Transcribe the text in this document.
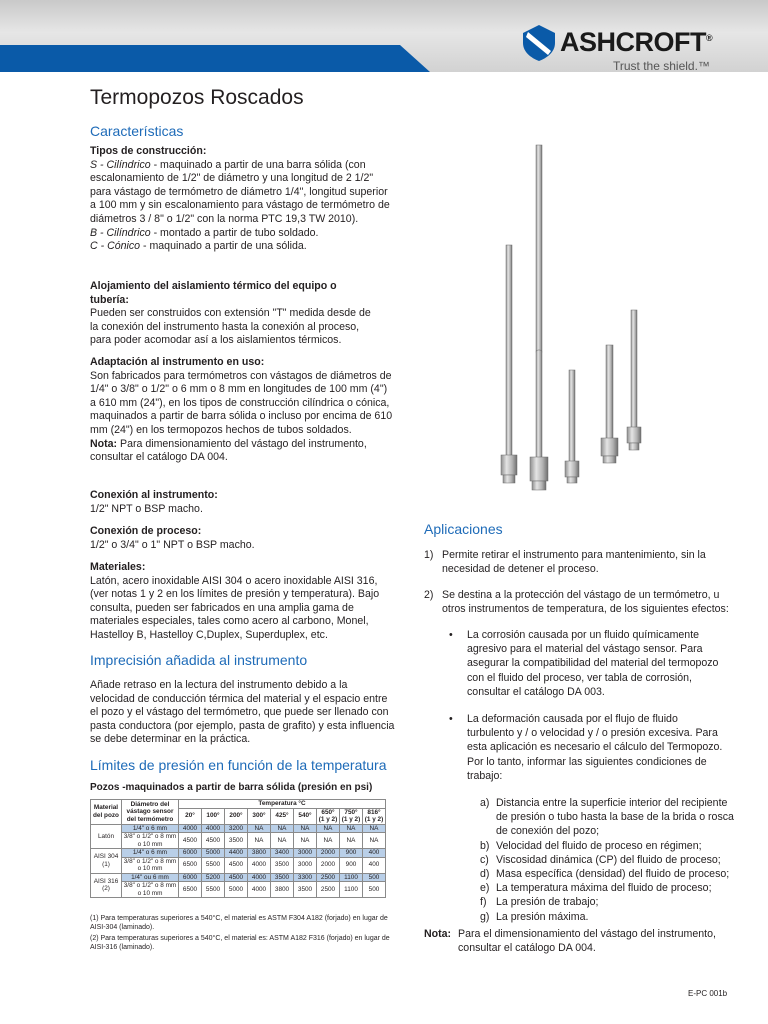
ASHCROFT®
Trust the shield.™
Termopozos Roscados
Características
Tipos de construcción:
S - Cilíndrico - maquinado a partir de una barra sólida (con escalonamiento de 1/2" de diámetro y una longitud de 2 1/2" para vástago de termómetro de diámetro 1/4", longitud superior a 100 mm y sin escalonamiento para vástago de termómetro de diámetros 3 / 8" o 1/2" con la norma PTC 19,3 TW 2010).
B - Cilíndrico - montado a partir de tubo soldado.
C - Cónico - maquinado a partir de una sólida.
Alojamiento del aislamiento térmico del equipo o tubería:
Pueden ser construidos con extensión "T" medida desde de la conexión del instrumento hasta la conexión al proceso, para poder acomodar así a los aislamientos térmicos.
Adaptación al instrumento en uso:
Son fabricados para termómetros con vástagos de diámetros de 1/4" o 3/8" o 1/2" o 6 mm o 8 mm en longitudes de 100 mm (4") a 610 mm (24"), en los tipos de construcción cilíndrica o cónica, maquinados a partir de barra sólida o incluso por encima de 610 mm (24") en los termopozos hechos de tubos soldados.
Nota: Para dimensionamiento del vástago del instrumento, consultar el catálogo DA 004.
Conexión al instrumento:
1/2" NPT o BSP macho.
Conexión de proceso:
1/2" o 3/4" o 1" NPT o BSP macho.
Materiales:
Latón, acero inoxidable AISI 304 o acero inoxidable AISI 316, (ver notas 1 y 2 en los límites de presión y temperatura). Bajo consulta, pueden ser fabricados en una amplia gama de materiales especiales, tales como acero al carbono, Monel, Hastelloy B, Hastelloy C,Duplex, Superduplex, etc.
Imprecisión añadida al instrumento
Añade retraso en la lectura del instrumento debido a la velocidad de conducción térmica del material y el espacio entre el pozo y el vástago del termómetro, que puede ser llenado con pasta conductora (por ejemplo, pasta de grafito) y esta influencia se debe determinar en la práctica.
Límites de presión en función de la temperatura
Pozos -maquinados a partir de barra sólida (presión en psi)
Material del pozo	Diámetro del vástago sensor del termómetro	Temperatura °C								
		20°	100°	200°	300°	425°	540°	650° (1 y 2)	750° (1 y 2)	816° (1 y 2)
Latón	1/4" o 6 mm	4000	4000	3200	NA	NA	NA	NA	NA	NA
	3/8" o 1/2" o 8 mm o 10 mm	4500	4500	3500	NA	NA	NA	NA	NA	NA
AISI 304 (1)	1/4" o 6 mm	6000	5000	4400	3800	3400	3000	2000	900	400
	3/8" o 1/2" o 8 mm o 10 mm	6500	5500	4500	4000	3500	3000	2000	900	400
AISI 316 (2)	1/4" ou 6 mm	6000	5200	4500	4000	3500	3300	2500	1100	500
	3/8" o 1/2" o 8 mm o 10 mm	6500	5500	5000	4000	3800	3500	2500	1100	500
(1) Para temperaturas superiores a 540°C, el material es ASTM F304 A182 (forjado) en lugar de AISI-304 (laminado).
(2) Para temperaturas superiores a 540°C, el material es: ASTM A182 F316 (forjado) en lugar de AISI-316 (laminado).
Aplicaciones
1) Permite retirar el instrumento para mantenimiento, sin la necesidad de detener el proceso.
2) Se destina a la protección del vástago de un termómetro, u otros instrumentos de temperatura, de los siguientes efectos:
• La corrosión causada por un fluido químicamente agresivo para el material del vástago sensor. Para asegurar la compatibilidad del material del termopozo con el fluido del proceso, ver tabla de corrosión, consultar el catálogo DA 003.
• La deformación causada por el flujo de fluido turbulento y / o velocidad y / o presión excesiva. Para esta aplicación es necesario el cálculo del Termopozo. Por lo tanto, informar las siguientes condiciones de trabajo:
a) Distancia entre la superficie interior del recipiente de presión o tubo hasta la base de la brida o rosca de conexión del pozo;
b) Velocidad del fluido de proceso en régimen;
c) Viscosidad dinámica (CP) del fluido de proceso;
d) Masa específica (densidad) del fluido de proceso;
e) La temperatura máxima del fluido de proceso;
f) La presión de trabajo;
g) La presión máxima.
Nota: Para el dimensionamiento del vástago del instrumento, consultar el catálogo DA 004.
E-PC 001b
